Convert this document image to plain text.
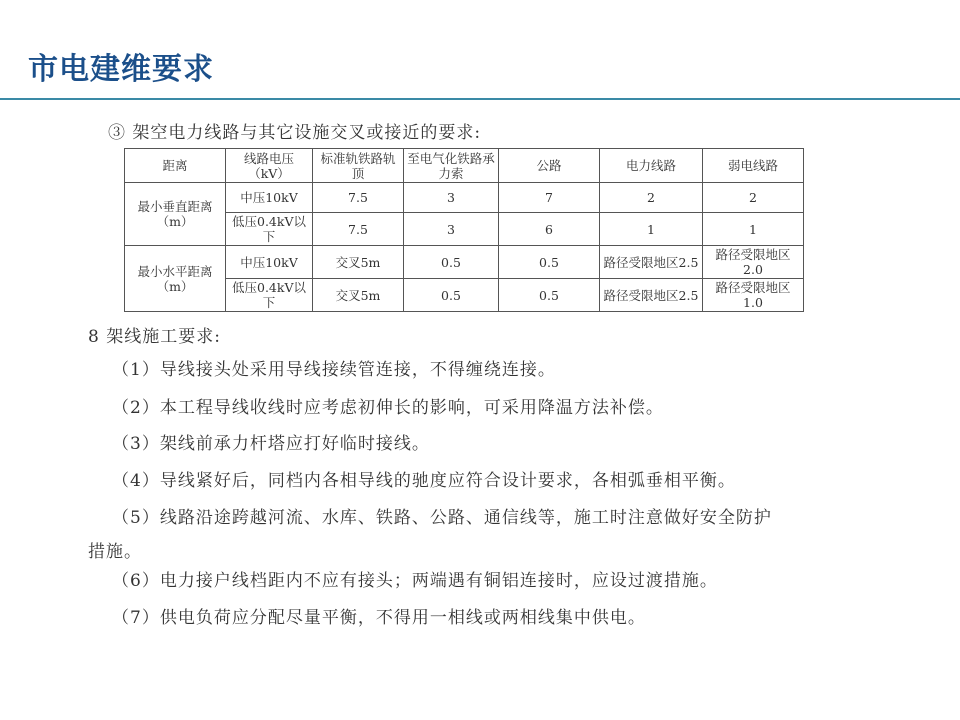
市电建维要求
③ 架空电力线路与其它设施交叉或接近的要求:
距离	线路电压（kV）	标准轨铁路轨顶	至电气化铁路承力索	公路	电力线路	弱电线路
最小垂直距离（m）	中压10kV	7.5	3	7	2	2
	低压0.4kV以下	7.5	3	6	1	1
最小水平距离（m）	中压10kV	交叉5m	0.5	0.5	路径受限地区2.5	路径受限地区2.0
	低压0.4kV以下	交叉5m	0.5	0.5	路径受限地区2.5	路径受限地区1.0
8 架线施工要求:
（1）导线接头处采用导线接续管连接，不得缠绕连接。
（2）本工程导线收线时应考虑初伸长的影响，可采用降温方法补偿。
（3）架线前承力杆塔应打好临时接线。
（4）导线紧好后，同档内各相导线的驰度应符合设计要求，各相弧垂相平衡。
（5）线路沿途跨越河流、水库、铁路、公路、通信线等，施工时注意做好安全防护
措施。
（6）电力接户线档距内不应有接头；两端遇有铜铝连接时，应设过渡措施。
（7）供电负荷应分配尽量平衡，不得用一相线或两相线集中供电。
